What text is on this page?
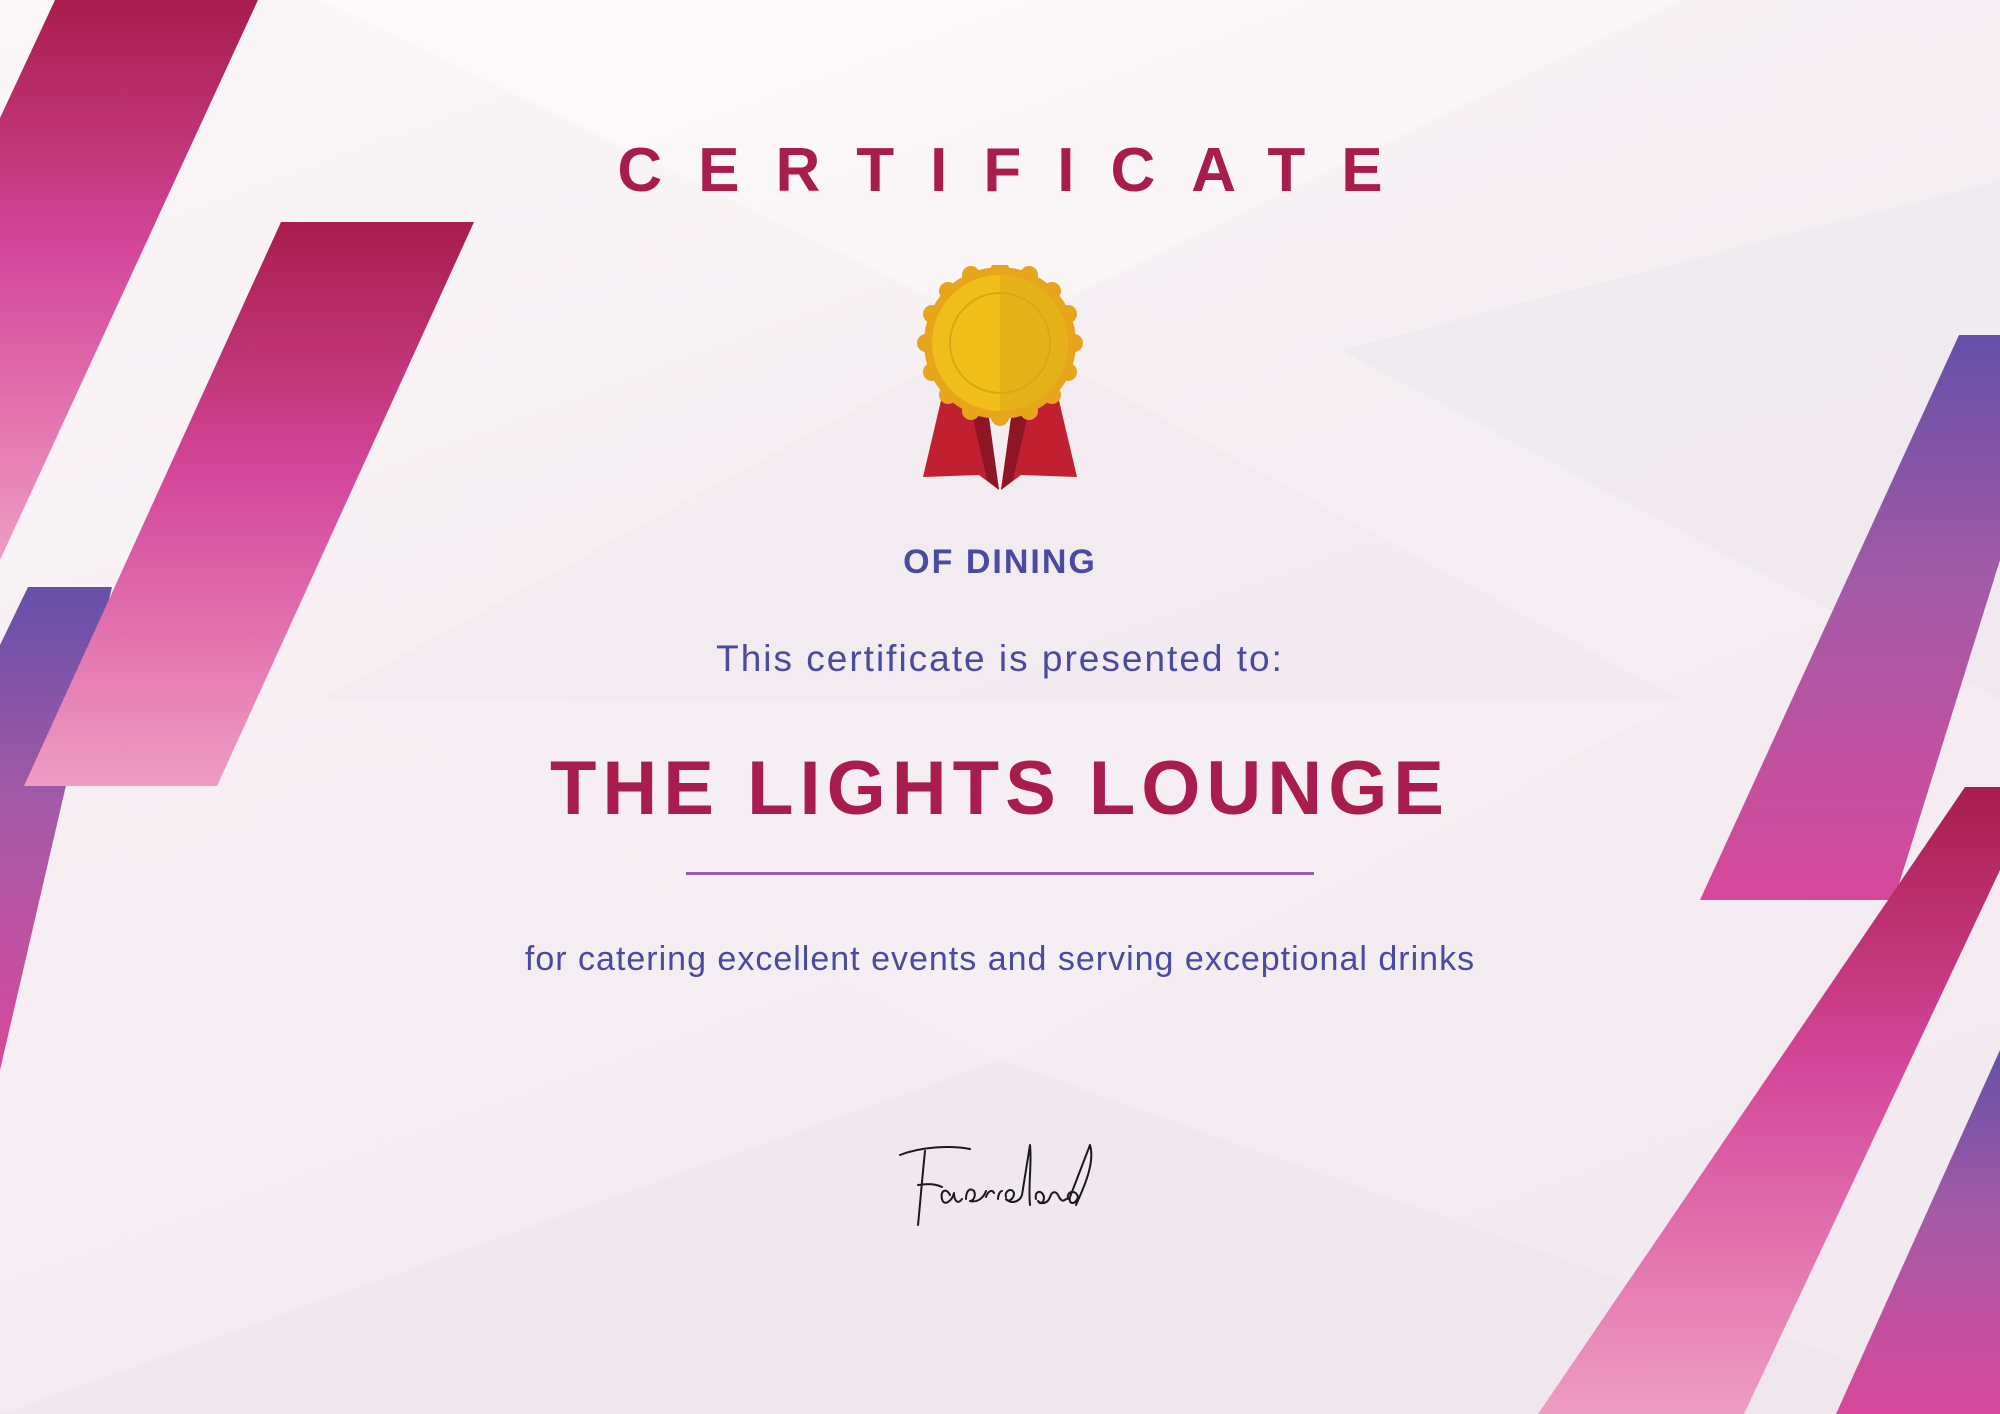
CERTIFICATE
OF DINING
This certificate is presented to:
THE LIGHTS LOUNGE
for catering excellent events and serving exceptional drinks
